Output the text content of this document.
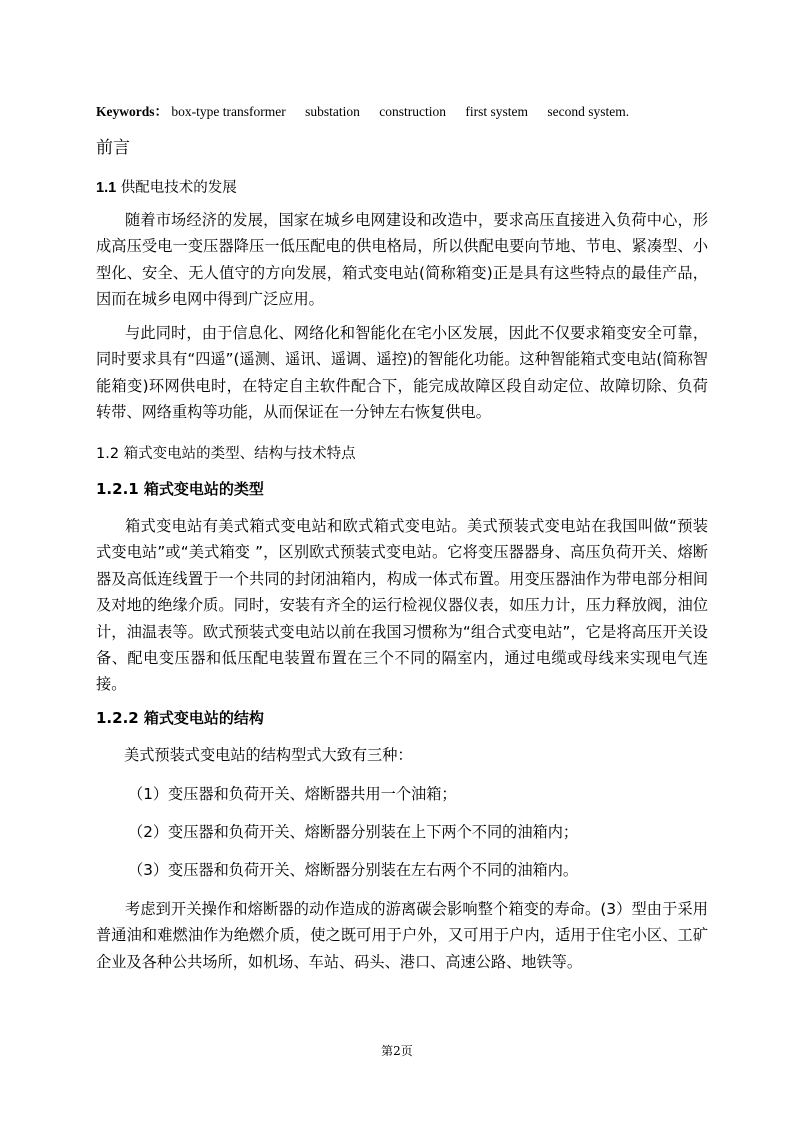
Keywords： box-type transformer substation construction first system second system.
前言
1.1 供配电技术的发展
随着市场经济的发展，国家在城乡电网建设和改造中，要求高压直接进入负荷中心，形成高压受电一变压器降压一低压配电的供电格局，所以供配电要向节地、节电、紧凑型、小型化、安全、无人值守的方向发展，箱式变电站(简称箱变)正是具有这些特点的最佳产品，因而在城乡电网中得到广泛应用。
与此同时，由于信息化、网络化和智能化在宅小区发展，因此不仅要求箱变安全可靠，同时要求具有“四遥”(遥测、遥讯、遥调、遥控)的智能化功能。这种智能箱式变电站(简称智能箱变)环网供电时，在特定自主软件配合下，能完成故障区段自动定位、故障切除、负荷转带、网络重构等功能，从而保证在一分钟左右恢复供电。
1.2 箱式变电站的类型、结构与技术特点
1.2.1 箱式变电站的类型
箱式变电站有美式箱式变电站和欧式箱式变电站。美式预装式变电站在我国叫做“预装式变电站”或“美式箱变 ”，区别欧式预装式变电站。它将变压器器身、高压负荷开关、熔断器及高低连线置于一个共同的封闭油箱内，构成一体式布置。用变压器油作为带电部分相间及对地的绝缘介质。同时，安装有齐全的运行检视仪器仪表，如压力计，压力释放阀，油位计，油温表等。欧式预装式变电站以前在我国习惯称为“组合式变电站”，它是将高压开关设备、配电变压器和低压配电装置布置在三个不同的隔室内，通过电缆或母线来实现电气连接。
1.2.2 箱式变电站的结构
美式预装式变电站的结构型式大致有三种：
（1）变压器和负荷开关、熔断器共用一个油箱；
（2）变压器和负荷开关、熔断器分别装在上下两个不同的油箱内；
（3）变压器和负荷开关、熔断器分别装在左右两个不同的油箱内。
考虑到开关操作和熔断器的动作造成的游离碳会影响整个箱变的寿命。(3）型由于采用普通油和难燃油作为绝燃介质，使之既可用于户外，又可用于户内，适用于住宅小区、工矿企业及各种公共场所，如机场、车站、码头、港口、高速公路、地铁等。
第2页
